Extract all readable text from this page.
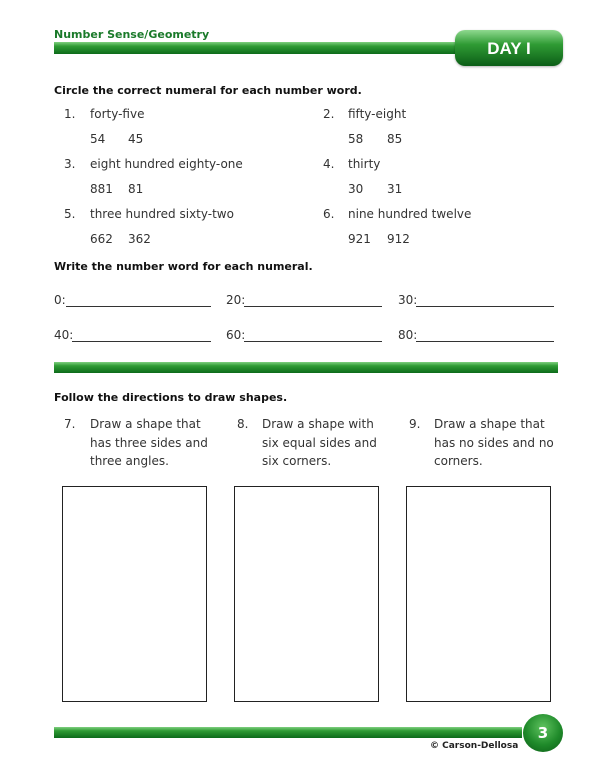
Number Sense/Geometry
DAY I
Circle the correct numeral for each number word.
1. forty-five
54 45
2. fifty-eight
58 85
3. eight hundred eighty-one
881 81
4. thirty
30 31
5. three hundred sixty-two
662 362
6. nine hundred twelve
921 912
Write the number word for each numeral.
0:	20:	30:
40:	60:	80:
Follow the directions to draw shapes.
7. Draw a shape that
has three sides and
three angles.
8. Draw a shape with
six equal sides and
six corners.
9. Draw a shape that
has no sides and no
corners.
3
© Carson-Dellosa
